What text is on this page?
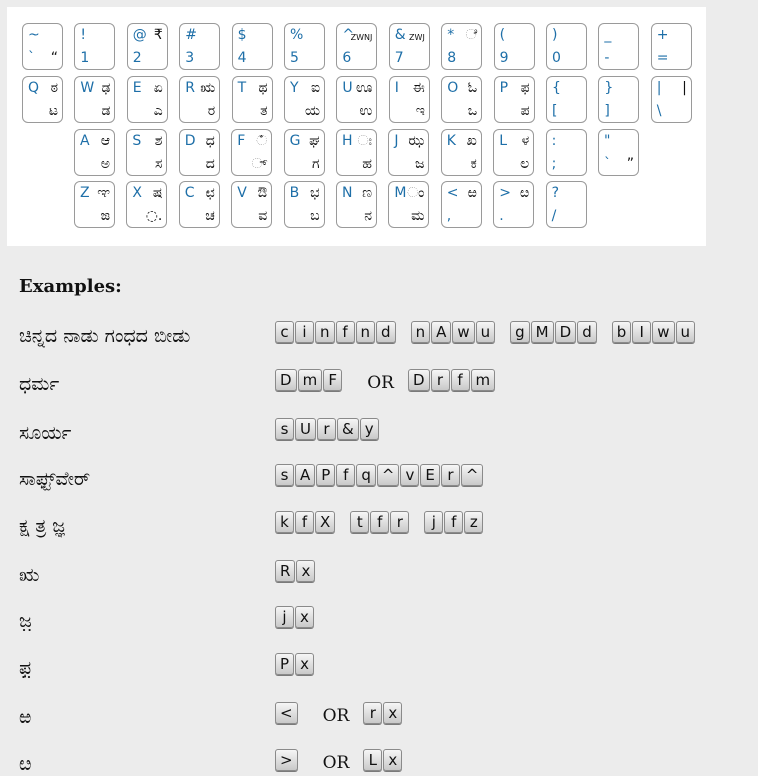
~
` “
!
1
@ ₹
2
#
3
$
4
%
5
^
ZWNJ
6
& ZWJ
7
* ◌ೆ
8
(
9
)
0
_
-
+
=
Q ಠ
ಟ
W ಢ
ಡ
E ಏ
ಎ
R ಋ
ರ
T ಥ
ತ
Y ಐ
ಯ
U ಊ
ಉ
I ಈ
ಇ
O ಓ
ಒ
P ಫ
ಪ
{
[
}
]
| |
\
A ಆ
ಅ
S ಶ
ಸ
D ಧ
ದ
F ◌ಁ
◌್
G ಘ
ಗ
H ◌ಃ
ಹ
J ಝ
ಜ
K ಖ
ಕ
L ಳ
ಲ
:
;
"
` ”
Z ಞ
ಙ
X ಷ
◌.
C ಛ
ಚ
V ಔ
ವ
B ಭ
ಬ
N ಣ
ನ
M ◌ಂ
ಮ
< ಱ
,
> ೞ
.
?
/
Examples:
ಚಿನ್ನದ ನಾಡು ಗಂಧದ ಬೀಡು	c i n f n d	n A w u	g M D d	b I w u
ಧರ್ಮ	D m F	OR	D r f m
ಸೂರ್ಯ	s U r & y
ಸಾಫ್ಟ್‌ವೇರ್	s A P f q ^ v E r ^
ಕ್ಷ ತ್ರ ಜ್ಞ	k f X	t f r	j	f z
ಋ	R x
ಜ಼	j x
ಫ಼	P x
ಱ	< OR	r x
ೞ	> OR	L x
